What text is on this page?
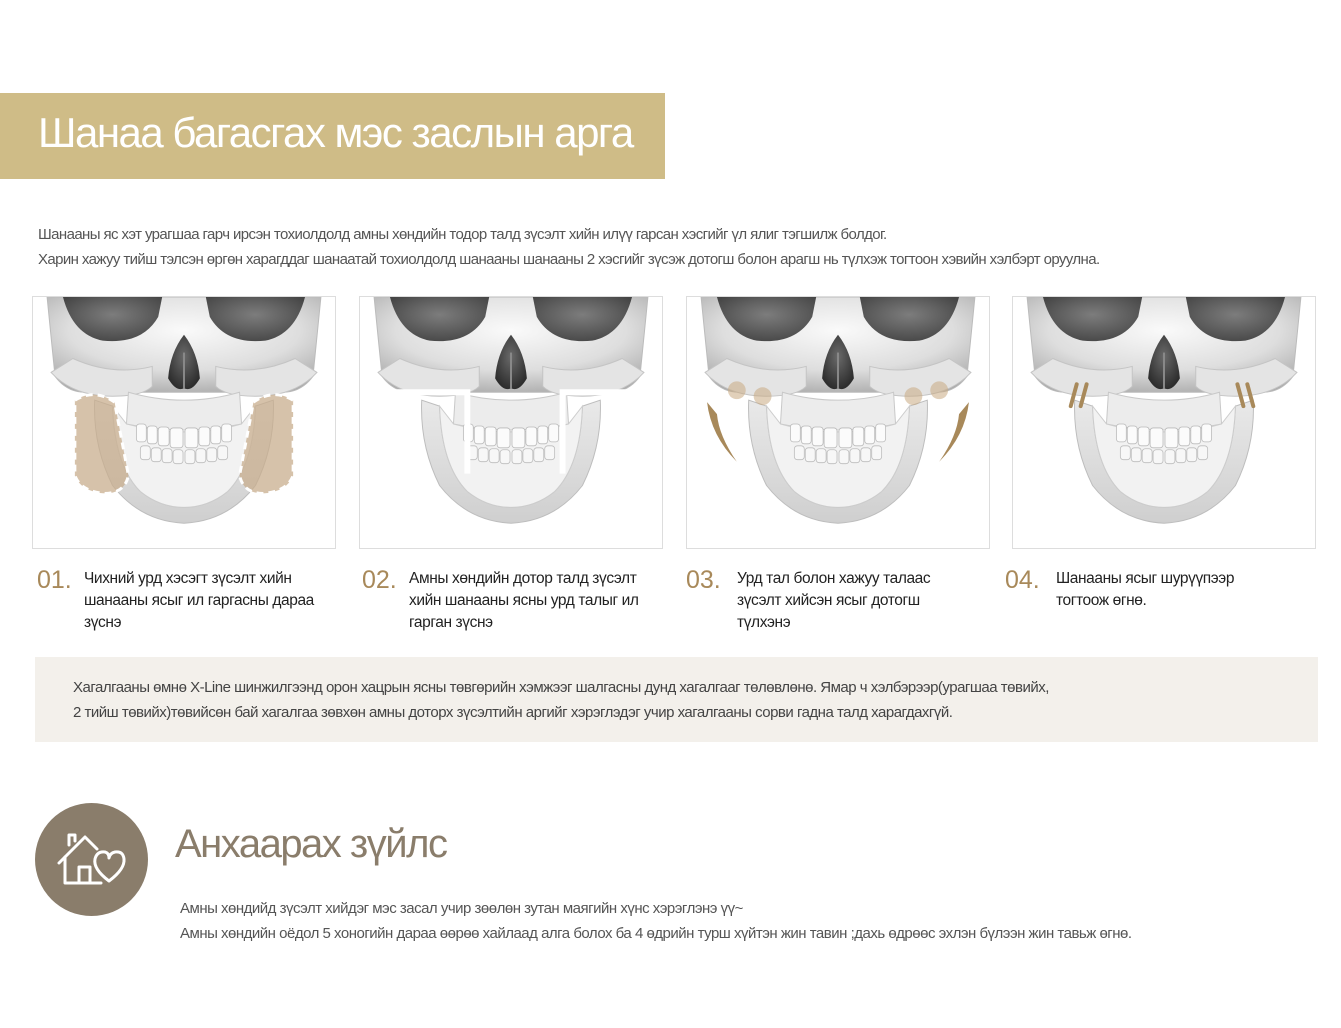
Шанаа багасгах мэс заслын арга

Шанааны яс хэт урагшаа гарч ирсэн тохиолдолд амны хөндийн тодор талд зүсэлт хийн илүү гарсан хэсгийг үл ялиг тэгшилж болдог.

Харин хажуу тийш тэлсэн өргөн харагддаг шанаатай тохиолдолд шанааны шанааны 2 хэсгийг зүсэж дотогш болон арагш нь түлхэж тогтоон хэвийн хэлбэрт оруулна.

01. Чихний урд хэсэгт зүсэлт хийн шанааны ясыг ил гаргасны дараа зүснэ
02. Амны хөндийн дотор талд зүсэлт хийн шанааны ясны урд талыг ил гарган зүснэ
03. Урд тал болон хажуу талаас зүсэлт хийсэн ясыг дотогш түлхэнэ
04. Шанааны ясыг шурүүпээр тогтоож өгнө.

Хагалгааны өмнө X-Line шинжилгээнд орон хацрын ясны төвгөрийн хэмжээг шалгасны дунд хагалгааг төлөвлөнө. Ямар ч хэлбэрээр(урагшаа төвийх,

2 тийш төвийх)төвийсөн бай хагалгаа зөвхөн амны доторх зүсэлтийн аргийг хэрэглэдэг учир хагалгааны сорви гадна талд харагдахгүй.

Анхаарах зүйлс

Амны хөндийд зүсэлт хийдэг мэс засал учир зөөлөн зутан маягийн хүнс хэрэглэнэ үү~

Амны хөндийн оёдол 5 хоногийн дараа өөрөө хайлаад алга болох ба 4 өдрийн турш хүйтэн жин тавин ;дахь өдрөөс эхлэн бүлээн жин тавьж өгнө.
